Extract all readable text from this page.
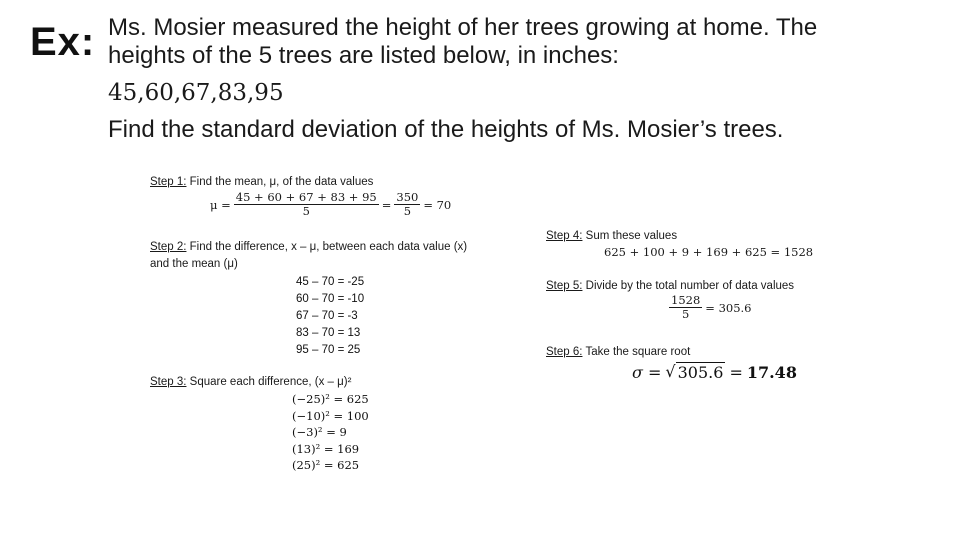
Ex: Ms. Mosier measured the height of her trees growing at home. The
heights of the 5 trees are listed below, in inches:
45,60,67,83,95
Find the standard deviation of the heights of Ms. Mosier’s trees.
Step 1: Find the mean, μ, of the data values
$\mu = \frac{45 + 60 + 67 + 83 + 95}{5} = \frac{350}{5} = 70$
Step 2: Find the difference, x – μ, between each data value (x)
and the mean (μ)
45 – 70 = -25
60 – 70 = -10
67 – 70 = -3
83 – 70 = 13
95 – 70 = 25
Step 3: Square each difference, (x – μ)²
(−25)² = 625
(−10)² = 100
(−3)² = 9
(13)² = 169
(25)² = 625
Step 4: Sum these values
625 + 100 + 9 + 169 + 625 = 1528
Step 5: Divide by the total number of data values
$\frac{1528}{5} = 305.6$
Step 6: Take the square root
σ = √ 305.6 = 17.48
